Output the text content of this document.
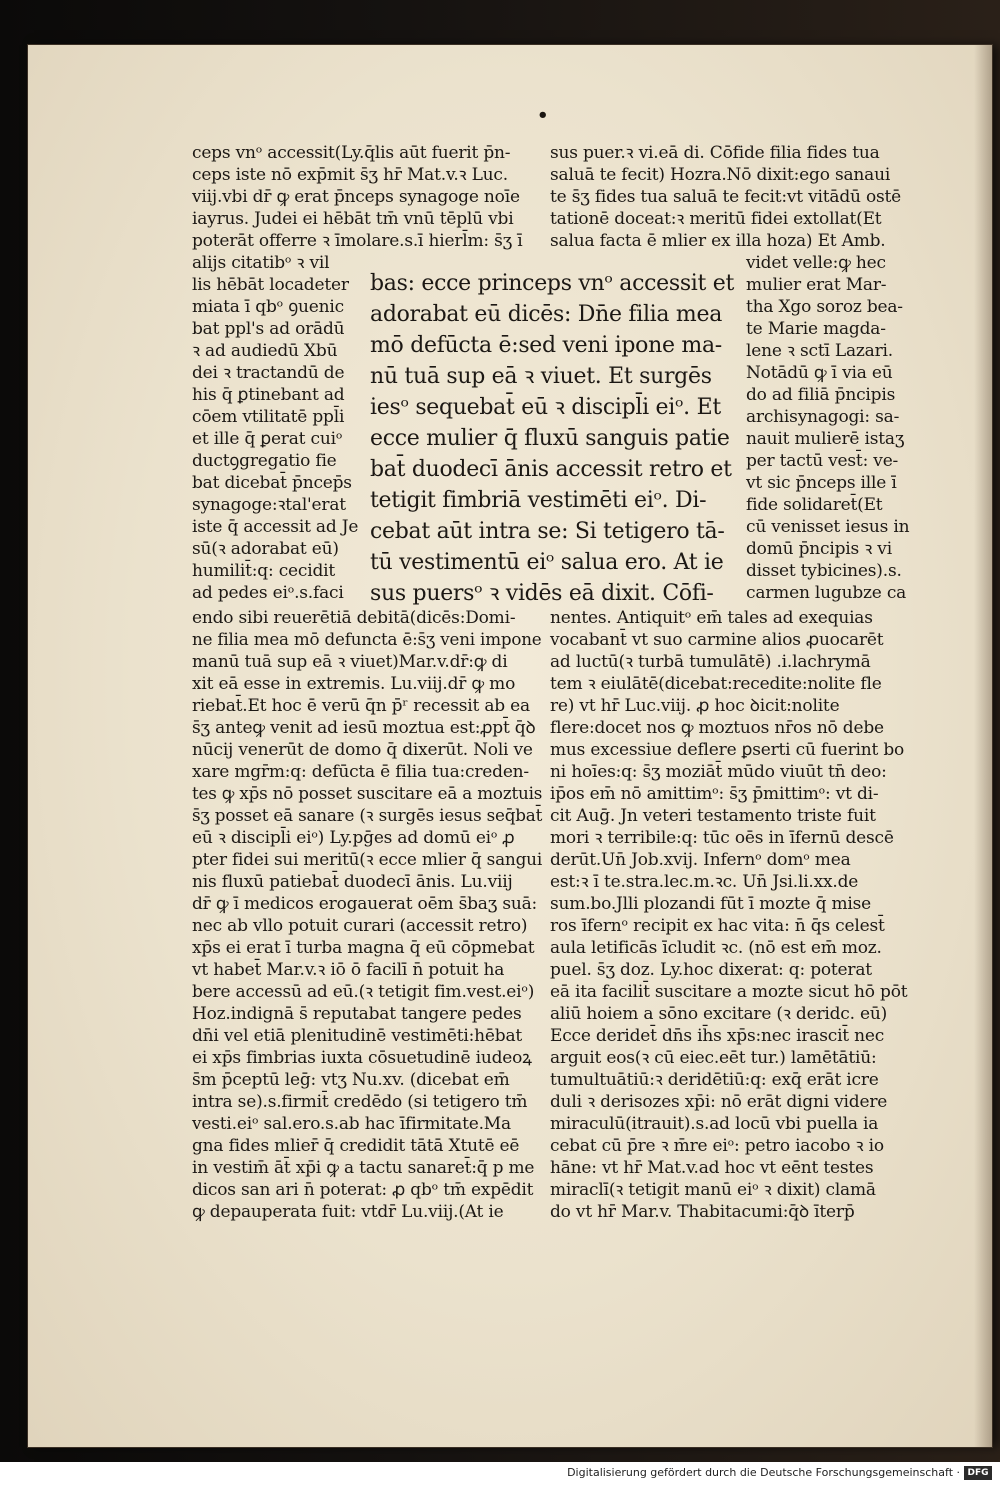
•
ceps vnᵒ accessit(Ly.q̄lis aūt fuerit p̄n-
ceps iste nō exp̄mit s̄ʒ hr̄ Mat.v.ꝛ Luc.
viij.vbi dr̄ ꝙ erat p̄nceps synagoge noīe
iayrus. Judei ei hēbāt tm̄ vnū tēplū vbi
poterāt offerre ꝛ īmolare.s.ī hierl̄m: s̄ʒ ī
alijs citatibᵒ ꝛ vil
sus puer.ꝛ vi.eā di. Cōfide filia fides tua
saluā te fecit) Hozra.Nō dixit:ego sanaui
te s̄ʒ fides tua saluā te fecit:vt vitādū ostē
tationē doceat:ꝛ meritū fidei extollat(Et
salua facta ē mlier ex illa hoza) Et Amb.
videt velle:ꝙ hec
lis hēbāt locadeter
miata ī qbᵒ ꝯuenic
bat ppl's ad orādū
ꝛ ad audiedū Xbū
dei ꝛ tractandū de
his q̄ ꝑtinebant ad
cōem vtilitatē ppl̄i
et ille q̄ ꝑerat cuiᵒ
ductꝯgregatio fie
bat dicebat̄ p̄ncep̄s
synagoge:ꝛtal'erat
iste q̄ accessit ad Je
sū(ꝛ adorabat eū)
humilit̄:q: cecidit
ad pedes eiᵒ.s.faci
bas: ecce princeps vnᵒ accessit et
adorabat eū dicēs: Dn̄e filia mea
mō defūcta ē:sed veni ipone ma-
nū tuā sup eā ꝛ viuet. Et surgēs
iesᵒ sequebat̄ eū ꝛ discipl̄i eiᵒ. Et
ecce mulier q̄ fluxū sanguis patie
bat̄ duodecī ānis accessit retro et
tetigit fimbriā vestimēti eiᵒ. Di-
cebat aūt intra se: Si tetigero tā-
tū vestimentū eiᵒ salua ero. At ie
sus puersᵒ ꝛ vidēs eā dixit. Cōfi-
mulier erat Mar-
tha Xgo soroz bea-
te Marie magda-
lene ꝛ sctī Lazari.
Notādū ꝙ ī via eū
do ad filiā p̄ncipis
archisynagogi: sa-
nauit mulierē istaʒ
per tactū vest̄: ve-
vt sic p̄nceps ille ī
fide solidaret̄(Et
cū venisset iesus in
domū p̄ncipis ꝛ vi
disset tybicines).s.
carmen lugubze ca
endo sibi reuerētiā debitā(dicēs:Domi-
ne filia mea mō defuncta ē:s̄ʒ veni impone
manū tuā sup eā ꝛ viuet)Mar.v.dr̄:ꝙ di
xit eā esse in extremis. Lu.viij.dr̄ ꝙ mo
riebat̄.Et hoc ē verū q̄n p̄ʳ recessit ab ea
s̄ʒ anteꝙ venit ad iesū moztua est:ꝓpt̄ q̄ꝺ
nūcij venerūt de domo q̄ dixerūt. Noli ve
xare mgr̄m:q: defūcta ē filia tua:creden-
tes ꝙ xp̄s nō posset suscitare eā a moztuis
s̄ʒ posset eā sanare (ꝛ surgēs iesus seq̄bat̄
eū ꝛ discipl̄i eiᵒ) Ly.pḡes ad domū eiᵒ ꝓ
pter fidei sui meritū(ꝛ ecce mlier q̄ sangui
nis fluxū patiebat̄ duodecī ānis. Lu.viij
dr̄ ꝙ ī medicos erogauerat oēm s̄baʒ suā:
nec ab vllo potuit curari (accessit retro)
xp̄s ei erat ī turba magna q̄ eū cōpmebat
vt habet̄ Mar.v.ꝛ iō ō facilī n̄ potuit ha
bere accessū ad eū.(ꝛ tetigit fim.vest.eiᵒ)
Hoz.indignā s̄ reputabat tangere pedes
dn̄i vel etiā plenitudinē vestimēti:hēbat
ei xp̄s fimbrias iuxta cōsuetudinē iudeoꝝ
s̄m p̄ceptū leḡ: vtʒ Nu.xv. (dicebat em̄
intra se).s.firmit̄ credēdo (si tetigero tm̄
vesti.eiᵒ sal.ero.s.ab hac īfirmitate.Ma
gna fides mlier̄ q̄ credidit tātā Xtutē eē
in vestim̄ āt̄ xp̄i ꝙ a tactu sanaret̄:q̄ p me
dicos san ari n̄ poterat: ꝓ qbᵒ tm̄ expēdit
ꝙ depauperata fuit: vtdr̄ Lu.viij.(At ie
nentes. Antiquitᵒ em̄ tales ad exequias
vocabant̄ vt suo carmine alios ꝓuocarēt
ad luctū(ꝛ turbā tumulātē) .i.lachrymā
tem ꝛ eiulātē(dicebat:recedite:nolite fle
re) vt hr̄ Luc.viij. ꝓ hoc ꝺicit:nolite
flere:docet nos ꝙ moztuos nr̄os nō debe
mus excessiue deflere ꝑserti cū fuerint bo
ni hoīes:q: s̄ʒ moziāt̄ mūdo viuūt tn̄ deo:
ip̄os em̄ nō amittimᵒ: s̄ʒ p̄mittimᵒ: vt di-
cit Auḡ. Jn veteri testamento triste fuit
mori ꝛ terribile:q: tūc oēs in īfernū descē
derūt.Un̄ Job.xvij. Infernᵒ domᵒ mea
est:ꝛ ī te.stra.lec.m.ꝛc. Un̄ Jsi.li.xx.de
sum.bo.Jlli plozandi fūt ī mozte q̄ mise
ros īfernᵒ recipit ex hac vita: n̄ q̄s celest̄
aula letificās īcludit ꝛc. (nō est em̄ moz.
puel. s̄ʒ doz. Ly.hoc dixerat: q: poterat
eā ita facilit̄ suscitare a mozte sicut hō pōt
aliū hoiem a sōno excitare (ꝛ deridc. eū)
Ecce deridet̄ dn̄s ih̄s xp̄s:nec irascit̄ nec
arguit eos(ꝛ cū eiec.eēt tur.) lamētātiū:
tumultuātiū:ꝛ deridētiū:q: exq̄ erāt icre
duli ꝛ derisozes xp̄i: nō erāt digni videre
miraculū(itrauit).s.ad locū vbi puella ia
cebat cū p̄re ꝛ m̄re eiᵒ: petro iacobo ꝛ io
hāne: vt hr̄ Mat.v.ad hoc vt eēnt testes
miraclī(ꝛ tetigit manū eiᵒ ꝛ dixit) clamā
do vt hr̄ Mar.v. Thabitacumi:q̄ꝺ īterp̄
Digitalisierung gefördert durch die Deutsche Forschungsgemeinschaft · DFG
